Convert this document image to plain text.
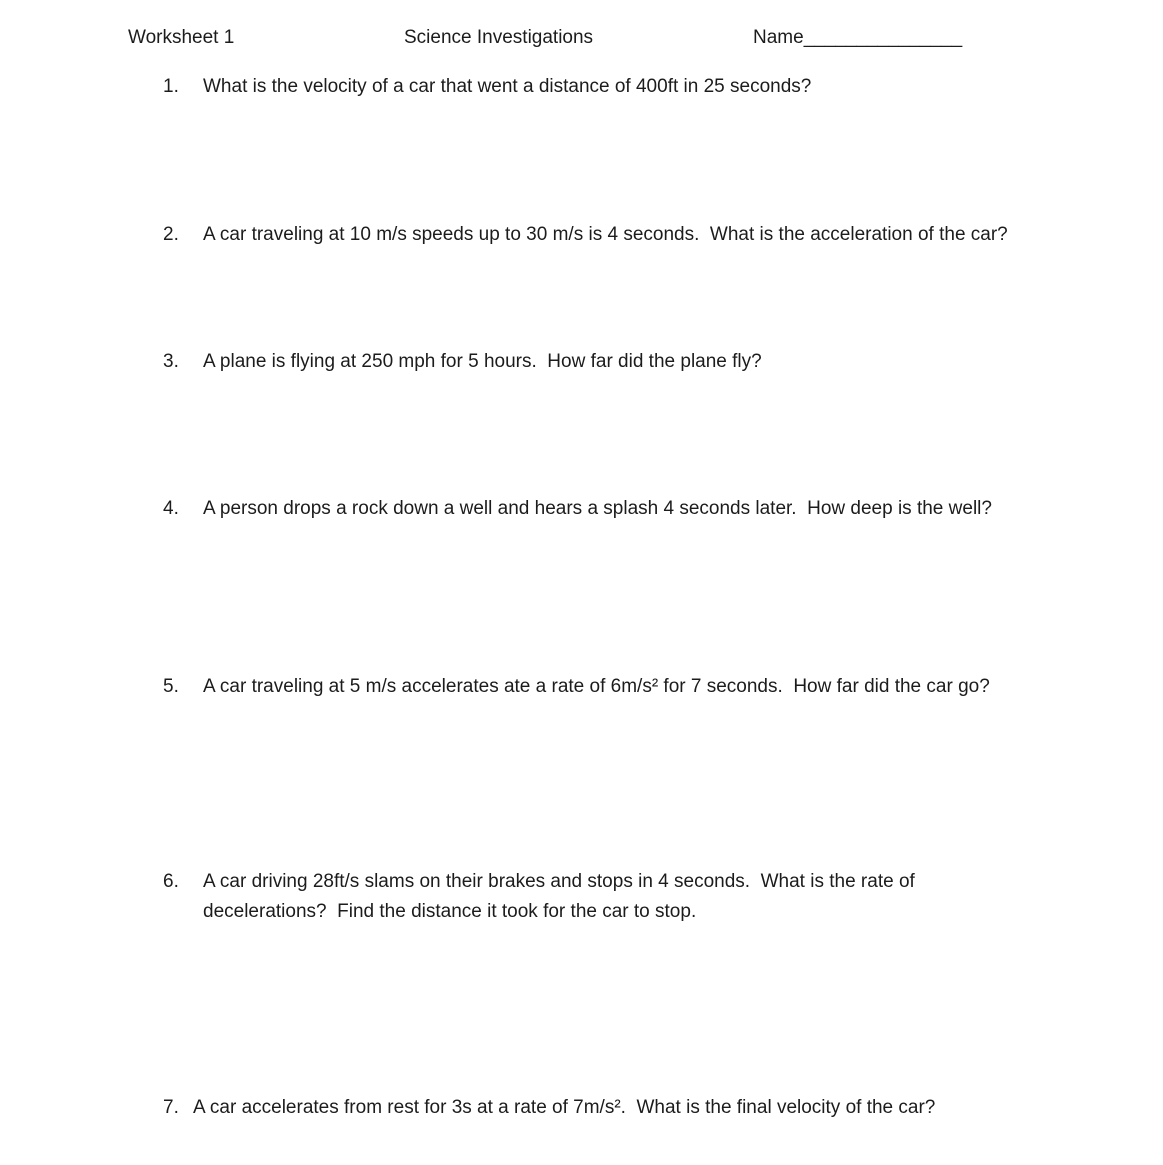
Worksheet 1	Science Investigations	Name_______________
1.	What is the velocity of a car that went a distance of 400ft in 25 seconds?
2.	A car traveling at 10 m/s speeds up to 30 m/s is 4 seconds.  What is the acceleration of the car?
3.	A plane is flying at 250 mph for 5 hours.  How far did the plane fly?
4.	A person drops a rock down a well and hears a splash 4 seconds later.  How deep is the well?
5.	A car traveling at 5 m/s accelerates ate a rate of 6m/s² for 7 seconds.  How far did the car go?
6.	A car driving 28ft/s slams on their brakes and stops in 4 seconds.  What is the rate of
decelerations?  Find the distance it took for the car to stop.
7. A car accelerates from rest for 3s at a rate of 7m/s².  What is the final velocity of the car?
